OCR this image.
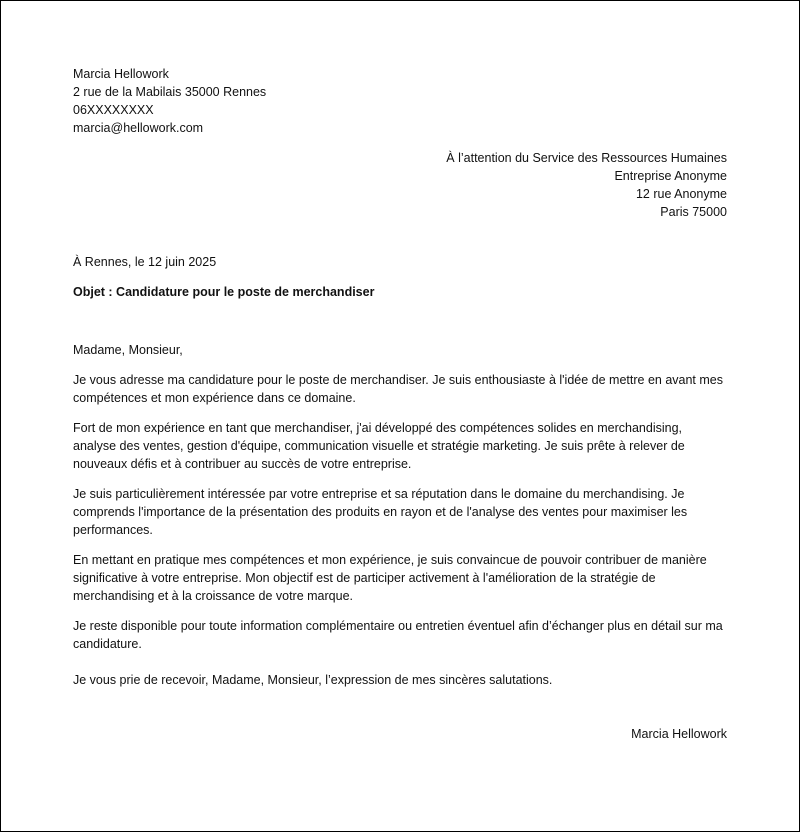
Marcia Hellowork
2 rue de la Mabilais 35000 Rennes
06XXXXXXXX
marcia@hellowork.com
À l’attention du Service des Ressources Humaines
Entreprise Anonyme
12 rue Anonyme
Paris 75000
À Rennes, le 12 juin 2025
Objet : Candidature pour le poste de merchandiser
Madame, Monsieur,

Je vous adresse ma candidature pour le poste de merchandiser. Je suis enthousiaste à l'idée de mettre en avant mes compétences et mon expérience dans ce domaine.

Fort de mon expérience en tant que merchandiser, j'ai développé des compétences solides en merchandising, analyse des ventes, gestion d'équipe, communication visuelle et stratégie marketing. Je suis prête à relever de nouveaux défis et à contribuer au succès de votre entreprise.

Je suis particulièrement intéressée par votre entreprise et sa réputation dans le domaine du merchandising. Je comprends l'importance de la présentation des produits en rayon et de l'analyse des ventes pour maximiser les performances.

En mettant en pratique mes compétences et mon expérience, je suis convaincue de pouvoir contribuer de manière significative à votre entreprise. Mon objectif est de participer activement à l'amélioration de la stratégie de merchandising et à la croissance de votre marque.

Je reste disponible pour toute information complémentaire ou entretien éventuel afin d’échanger plus en détail sur ma candidature.

Je vous prie de recevoir, Madame, Monsieur, l’expression de mes sincères salutations.
Marcia Hellowork
